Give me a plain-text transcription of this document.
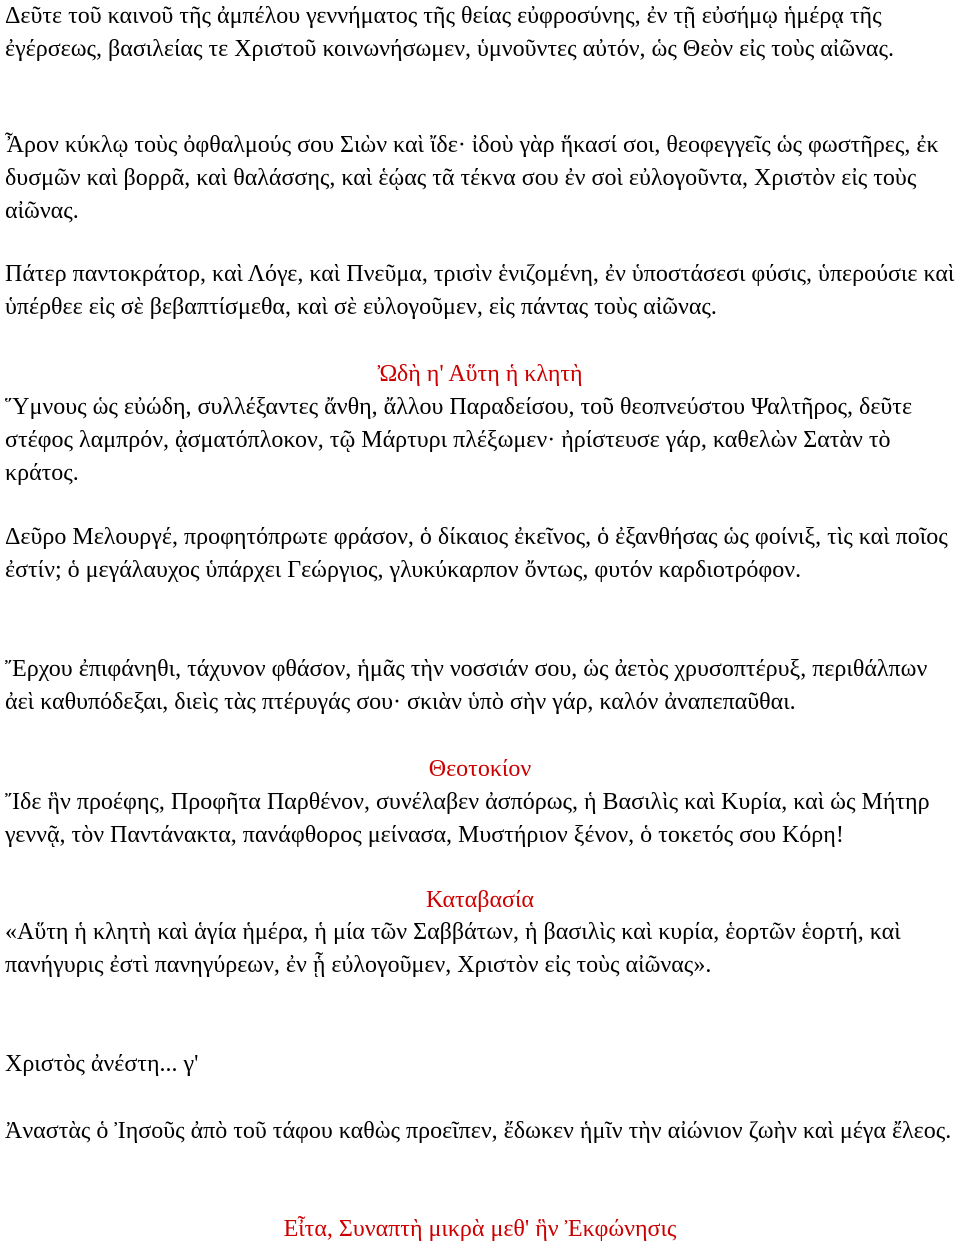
Δεῦτε τοῦ καινοῦ τῆς ἀμπέλου γεννήματος τῆς θείας εὐφροσύνης, ἐν τῇ εὐσήμῳ ἡμέρᾳ τῆς ἐγέρσεως, βασιλείας τε Χριστοῦ κοινωνήσωμεν, ὑμνοῦντες αὐτόν, ὡς Θεὸν εἰς τοὺς αἰῶνας.

Ἆρον κύκλῳ τοὺς ὀφθαλμούς σου Σιὼν καὶ ἴδε· ἰδοὺ γὰρ ἥκασί σοι, θεοφεγγεῖς ὡς φωστῆρες, ἐκ δυσμῶν καὶ βορρᾶ, καὶ θαλάσσης, καὶ ἑῴας τᾶ τέκνα σου ἐν σοὶ εὐλογοῦντα, Χριστὸν εἰς τοὺς αἰῶνας.

Πάτερ παντοκράτορ, καὶ Λόγε, καὶ Πνεῦμα, τρισὶν ἑνιζομένη, ἐν ὑποστάσεσι φύσις, ὑπερούσιε καὶ ὑπέρθεε εἰς σὲ βεβαπτίσμεθα, καὶ σὲ εὐλογοῦμεν, εἰς πάντας τοὺς αἰῶνας.

Ὠδὴ η' Αὕτη ἡ κλητὴ

Ὕμνους ὡς εὐώδη, συλλέξαντες ἄνθη, ἄλλου Παραδείσου, τοῦ θεοπνεύστου Ψαλτῆρος, δεῦτε στέφος λαμπρόν, ᾀσματόπλοκον, τῷ Μάρτυρι πλέξωμεν· ἠρίστευσε γάρ, καθελὼν Σατὰν τὸ κράτος.

Δεῦρο Μελουργέ, προφητόπρωτε φράσον, ὁ δίκαιος ἐκεῖνος, ὁ ἐξανθήσας ὡς φοίνιξ, τὶς καὶ ποῖος ἐστίν; ὁ μεγάλαυχος ὑπάρχει Γεώργιος, γλυκύκαρπον ὄντως, φυτόν καρδιοτρόφον.

Ἔρχου ἐπιφάνηθι, τάχυνον φθάσον, ἡμᾶς τὴν νοσσιάν σου, ὡς ἀετὸς χρυσοπτέρυξ, περιθάλπων ἀεὶ καθυπόδεξαι, διεὶς τὰς πτέρυγάς σου· σκιὰν ὑπὸ σὴν γάρ, καλόν ἀναπεπαῦθαι.

Θεοτοκίον

Ἴδε ἣν προέφης, Προφῆτα Παρθένον, συνέλαβεν ἀσπόρως, ἡ Βασιλὶς καὶ Κυρία, καὶ ὡς Μήτηρ γεννᾷ, τὸν Παντάνακτα, πανάφθορος μείνασα, Μυστήριον ξένον, ὁ τοκετός σου Κόρη!

Καταβασία

«Αὕτη ἡ κλητὴ καὶ ἁγία ἡμέρα, ἡ μία τῶν Σαββάτων, ἡ βασιλὶς καὶ κυρία, ἑορτῶν ἑορτή, καὶ πανήγυρις ἐστὶ πανηγύρεων, ἐν ᾗ εὐλογοῦμεν, Χριστὸν εἰς τοὺς αἰῶνας».

Χριστὸς ἀνέστη... γ'

Ἀναστὰς ὁ Ἰησοῦς ἀπὸ τοῦ τάφου καθὼς προεῖπεν, ἔδωκεν ἡμῖν τὴν αἰώνιον ζωὴν καὶ μέγα ἔλεος.

Εἶτα, Συναπτὴ μικρὰ μεθ' ἣν Ἐκφώνησις
